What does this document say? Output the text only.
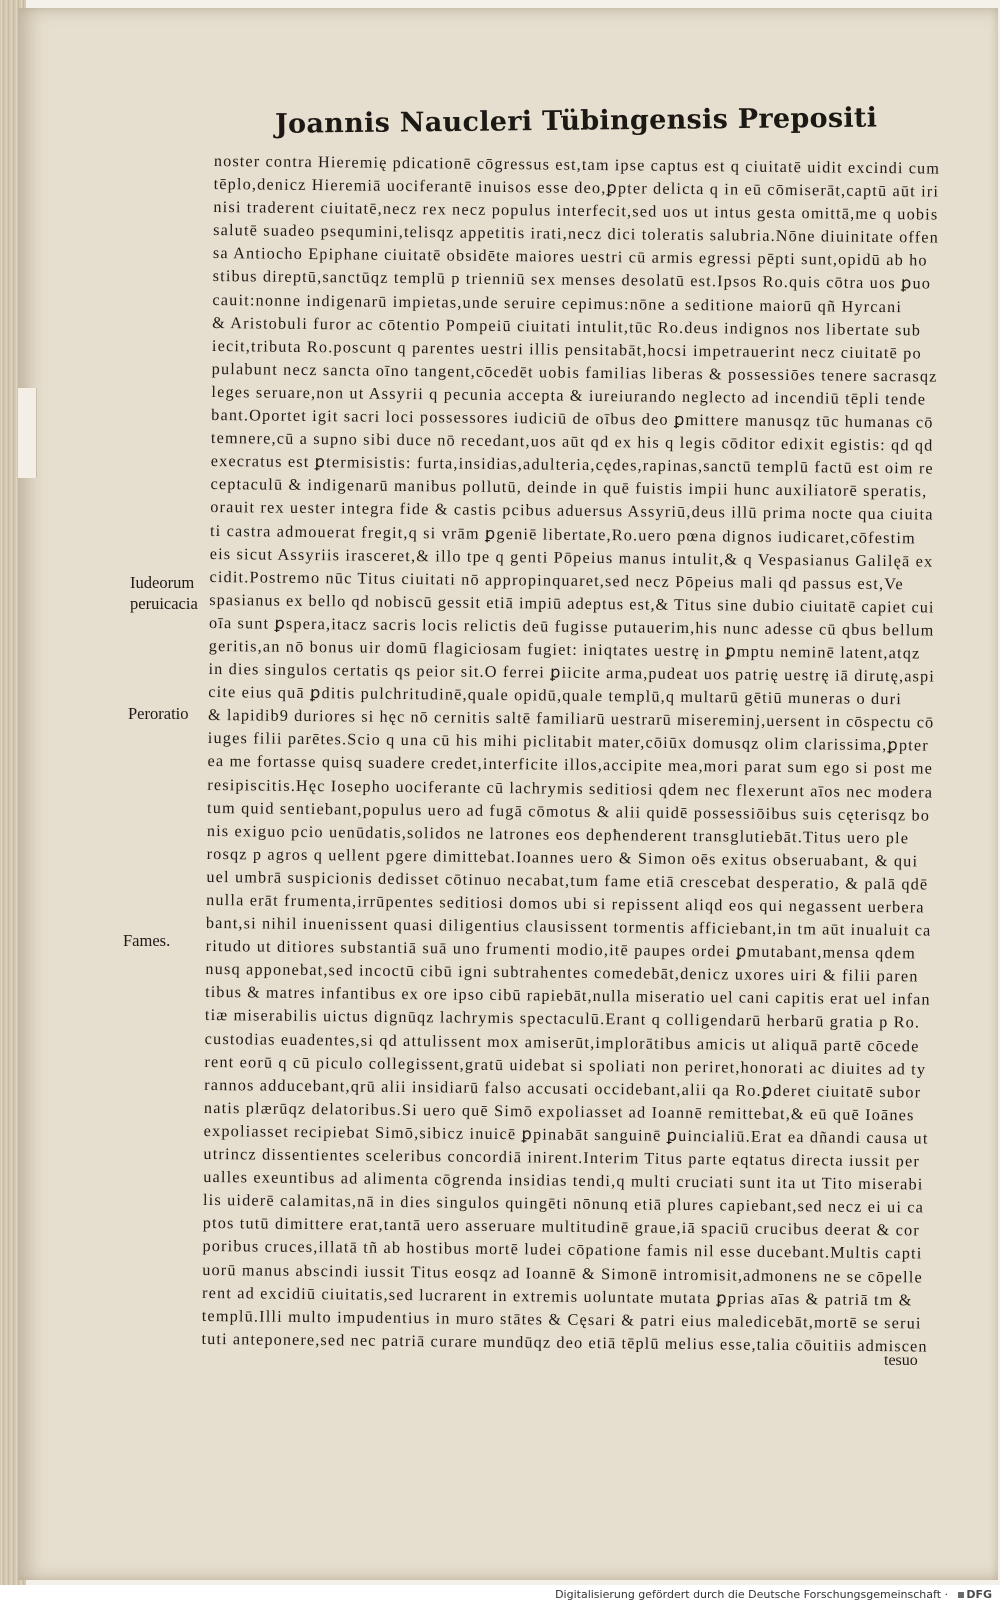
Joannis Naucleri Tübingensis Prepositi
Iudeorum peruicacia
Peroratio
Fames.
noster contra Hieremię pdicationē cōgressus est,tam ipse captus est q ciuitatē uidit excindi cum
tēplo,denicz Hieremiā uociferantē inuisos esse deo,ꝑpter delicta q in eū cōmiserāt,captū aūt iri
nisi traderent ciuitatē,necz rex necz populus interfecit,sed uos ut intus gesta omittā,me q uobis
salutē suadeo psequmini,telisqz appetitis irati,necz dici toleratis salubria.Nōne diuinitate offen
sa Antiocho Epiphane ciuitatē obsidēte maiores uestri cū armis egressi pēpti sunt,opidū ab ho
stibus direptū,sanctūqz templū p trienniū sex menses desolatū est.Ipsos Ro.quis cōtra uos ꝑuo
cauit:nonne indigenarū impietas,unde seruire cepimus:nōne a seditione maiorū qñ Hyrcani
& Aristobuli furor ac cōtentio Pompeiū ciuitati intulit,tūc Ro.deus indignos nos libertate sub
iecit,tributa Ro.poscunt q parentes uestri illis pensitabāt,hocsi impetrauerint necz ciuitatē po
pulabunt necz sancta oīno tangent,cōcedēt uobis familias liberas & possessiōes tenere sacrasqz
leges seruare,non ut Assyrii q pecunia accepta & iureiurando neglecto ad incendiū tēpli tende
bant.Oportet igit sacri loci possessores iudiciū de oībus deo ꝑmittere manusqz tūc humanas cō
temnere,cū a supno sibi duce nō recedant,uos aūt qd ex his q legis cōditor edixit egistis: qd qd
execratus est ꝑtermisistis: furta,insidias,adulteria,cędes,rapinas,sanctū templū factū est oim re
ceptaculū & indigenarū manibus pollutū, deinde in quē fuistis impii hunc auxiliatorē speratis,
orauit rex uester integra fide & castis pcibus aduersus Assyriū,deus illū prima nocte qua ciuita
ti castra admouerat fregit,q si vrām ꝑgeniē libertate,Ro.uero pœna dignos iudicaret,cōfestim
eis sicut Assyriis irasceret,& illo tpe q genti Pōpeius manus intulit,& q Vespasianus Galilęā ex
cidit.Postremo nūc Titus ciuitati nō appropinquaret,sed necz Pōpeius mali qd passus est,Ve
spasianus ex bello qd nobiscū gessit etiā impiū adeptus est,& Titus sine dubio ciuitatē capiet cui
oīa sunt ꝑspera,itacz sacris locis relictis deū fugisse putauerim,his nunc adesse cū qbus bellum
geritis,an nō bonus uir domū flagiciosam fugiet: iniqtates uestrę in ꝑmptu neminē latent,atqz
in dies singulos certatis qs peior sit.O ferrei ꝑiicite arma,pudeat uos patrię uestrę iā dirutę,aspi
cite eius quā ꝑditis pulchritudinē,quale opidū,quale templū,q multarū gētiū muneras o duri
& lapidib9 duriores si hęc nō cernitis saltē familiarū uestrarū misereminj,uersent in cōspectu cō
iuges filii parētes.Scio q una cū his mihi piclitabit mater,cōiūx domusqz olim clarissima,ꝑpter
ea me fortasse quisq suadere credet,interficite illos,accipite mea,mori parat sum ego si post me
resipiscitis.Hęc Iosepho uociferante cū lachrymis seditiosi qdem nec flexerunt aīos nec modera
tum quid sentiebant,populus uero ad fugā cōmotus & alii quidē possessiōibus suis cęterisqz bo
nis exiguo pcio uenūdatis,solidos ne latrones eos depħenderent transglutiebāt.Titus uero ple
rosqz p agros q uellent pgere dimittebat.Ioannes uero & Simon oēs exitus obseruabant, & qui
uel umbrā suspicionis dedisset cōtinuo necabat,tum fame etiā crescebat desperatio, & palā qdē
nulla erāt frumenta,irrūpentes seditiosi domos ubi si repissent aliqd eos qui negassent uerbera
bant,si nihil inuenissent quasi diligentius clausissent tormentis afficiebant,in tm aūt inualuit ca
ritudo ut ditiores substantiā suā uno frumenti modio,itē paupes ordei ꝑmutabant,mensa qdem
nusq apponebat,sed incoctū cibū igni subtrahentes comedebāt,denicz uxores uiri & filii paren
tibus & matres infantibus ex ore ipso cibū rapiebāt,nulla miseratio uel cani capitis erat uel infan
tiæ miserabilis uictus dignūqz lachrymis spectaculū.Erant q colligendarū herbarū gratia p Ro.
custodias euadentes,si qd attulissent mox amiserūt,implorātibus amicis ut aliquā partē cōcede
rent eorū q cū piculo collegissent,gratū uidebat si spoliati non periret,honorati ac diuites ad ty
rannos adducebant,qrū alii insidiarū falso accusati occidebant,alii qa Ro.ꝑderet ciuitatē subor
natis plærūqz delatoribus.Si uero quē Simō expoliasset ad Ioannē remittebat,& eū quē Ioānes
expoliasset recipiebat Simō,sibicz inuicē ꝑpinabāt sanguinē ꝑuincialiū.Erat ea dñandi causa ut
utrincz dissentientes sceleribus concordiā inirent.Interim Titus parte eqtatus directa iussit per
ualles exeuntibus ad alimenta cōgrenda insidias tendi,q multi cruciati sunt ita ut Tito miserabi
lis uiderē calamitas,nā in dies singulos quingēti nōnunq etiā plures capiebant,sed necz ei ui ca
ptos tutū dimittere erat,tantā uero asseruare multitudinē graue,iā spaciū crucibus deerat & cor
poribus cruces,illatā tñ ab hostibus mortē ludei cōpatione famis nil esse ducebant.Multis capti
uorū manus abscindi iussit Titus eosqz ad Ioannē & Simonē intromisit,admonens ne se cōpelle
rent ad excidiū ciuitatis,sed lucrarent in extremis uoluntate mutata ꝑprias aīas & patriā tm &
templū.Illi multo impudentius in muro stātes & Cęsari & patri eius maledicebāt,mortē se serui
tuti anteponere,sed nec patriā curare mundūqz deo etiā tēplū melius esse,talia cōuitiis admiscen
tesuo
Digitalisierung gefördert durch die Deutsche Forschungsgemeinschaft ·	DFG
